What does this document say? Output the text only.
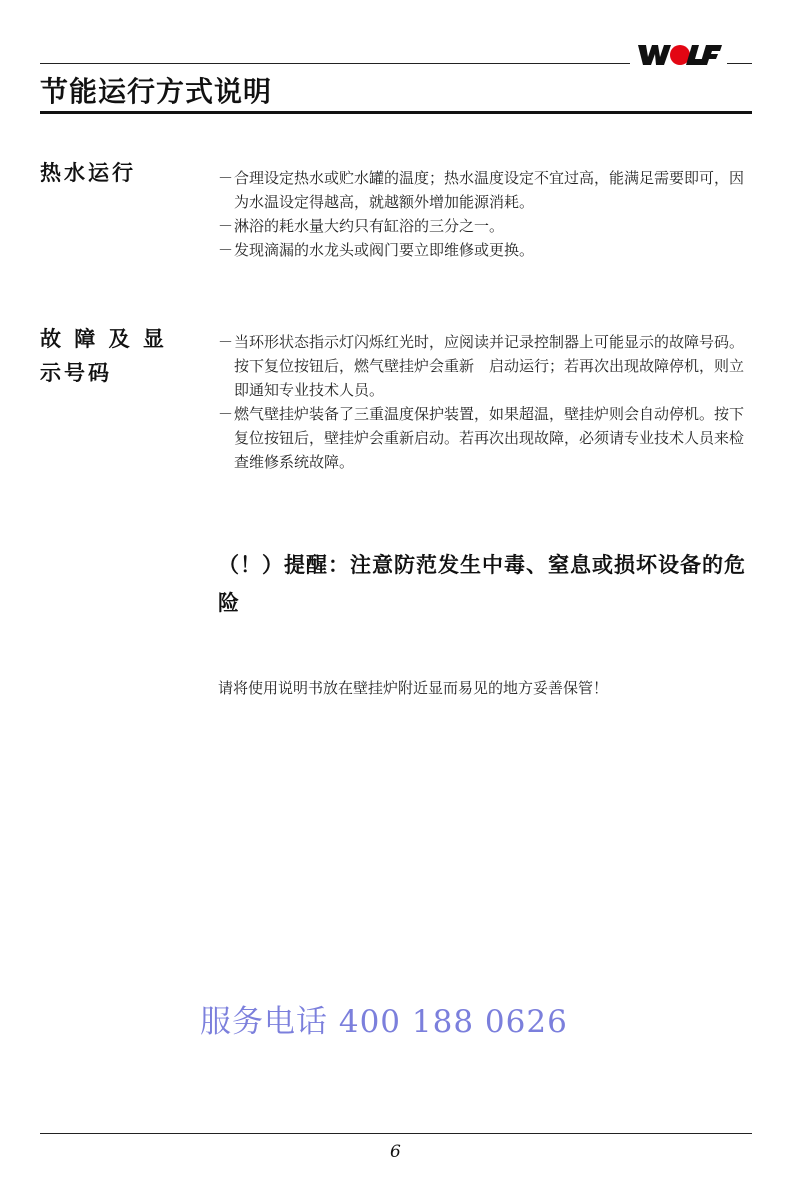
节能运行方式说明
热水运行	－ 合理设定热水或贮水罐的温度；热水温度设定不宜过高，能满足需要即可，因为水温设定得越高，就越额外增加能源消耗。

－ 淋浴的耗水量大约只有缸浴的三分之一。

－ 发现滴漏的水龙头或阀门要立即维修或更换。

故 障 及 显
示号码

－ 当环形状态指示灯闪烁红光时，应阅读并记录控制器上可能显示的故障号码。按下复位按钮后，燃气壁挂炉会重新　启动运行；若再次出现故障停机，则立即通知专业技术人员。

－ 燃气壁挂炉装备了三重温度保护装置，如果超温，壁挂炉则会自动停机。按下复位按钮后，壁挂炉会重新启动。若再次出现故障，必须请专业技术人员来检查维修系统故障。

（！）提醒：注意防范发生中毒、窒息或损坏设备的危险
请将使用说明书放在壁挂炉附近显而易见的地方妥善保管！
服务电话 400 188 0626
6
